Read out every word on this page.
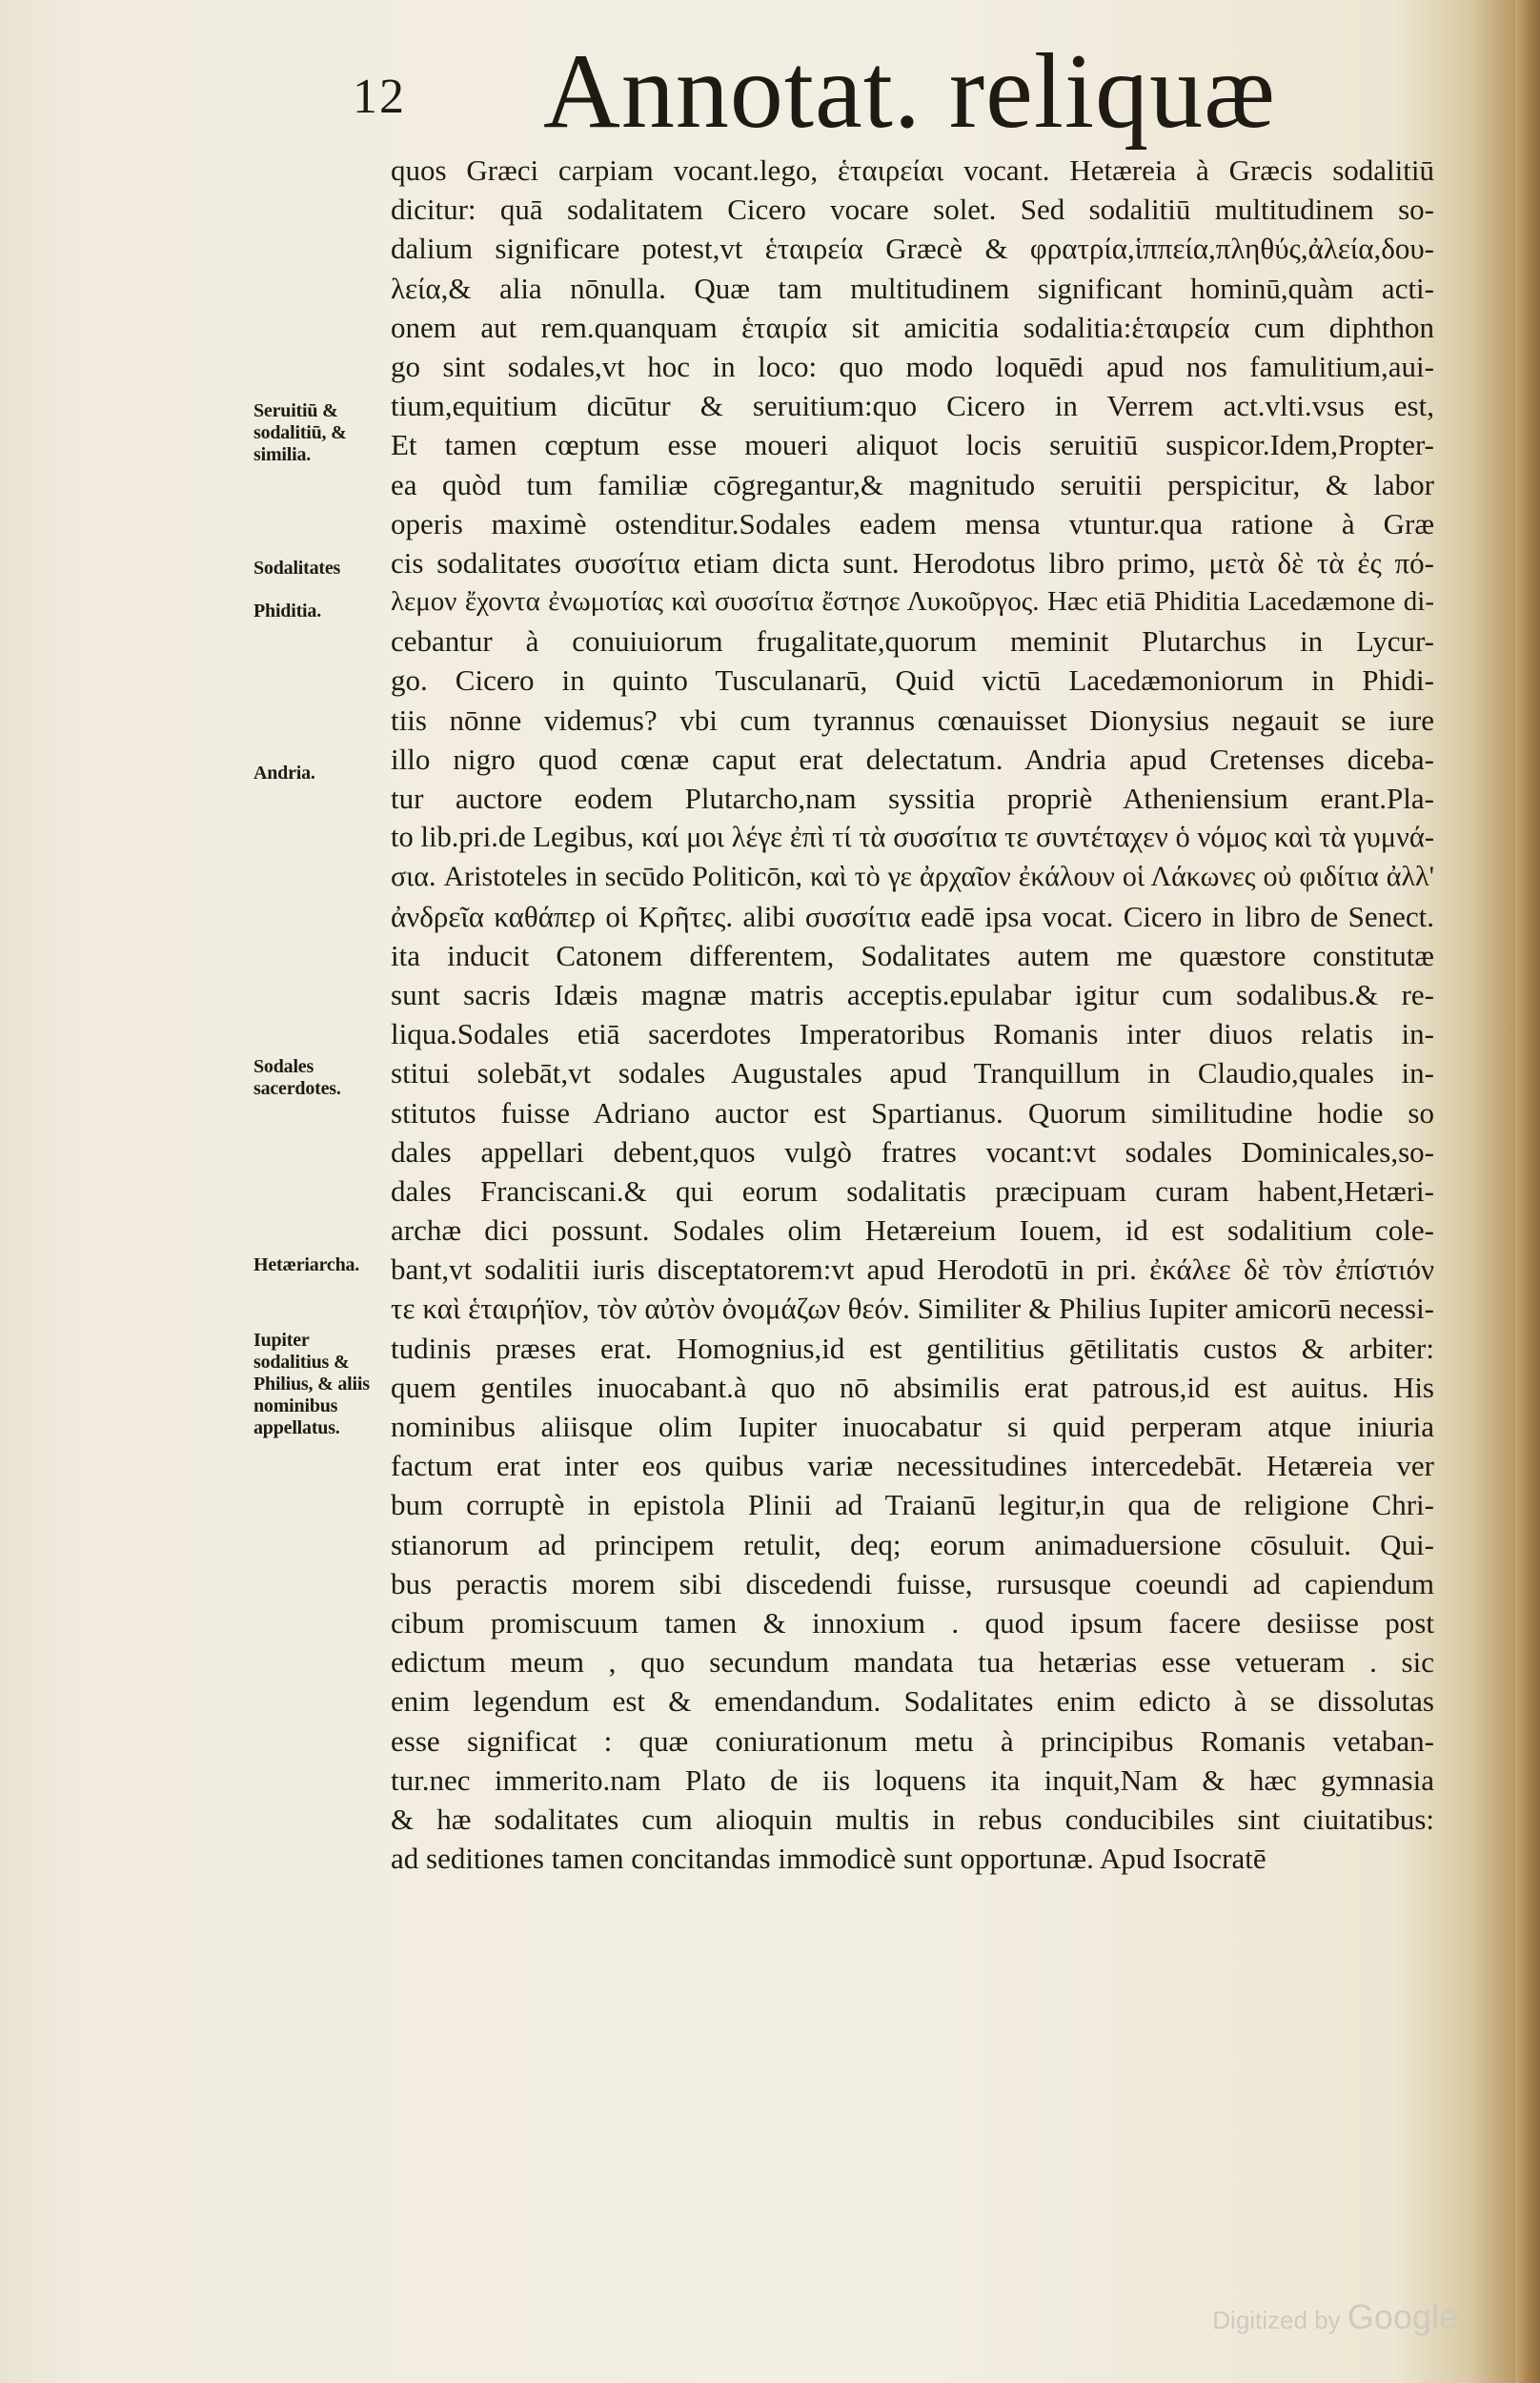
12 Annotat. reliquæ
Seruitiū & sodalitiū, & similia.
Sodalitates
Phiditia.
Andria.
Sodales sacerdotes.
Hetæriarcha.
Iupiter sodalitius & Philius, & aliis nominibus appellatus.
quos Græci carpiam vocant.lego, ἑταιρείαι vocant. Hetæreia à Græcis sodalitiū
dicitur: quā sodalitatem Cicero vocare solet. Sed sodalitiū multitudinem so-
dalium significare potest,vt ἑταιρεία Græcè & φρατρία,ἱππεία,πληθύς,ἀλεία,δου-
λεία,& alia nōnulla. Quæ tam multitudinem significant hominū,quàm acti-
onem aut rem.quanquam ἑταιρία sit amicitia sodalitia:ἑταιρεία cum diphthon
go sint sodales,vt hoc in loco: quo modo loquēdi apud nos famulitium,aui-
tium,equitium dicūtur & seruitium:quo Cicero in Verrem act.vlti.vsus est,
Et tamen cœptum esse moueri aliquot locis seruitiū suspicor.Idem,Propter-
ea quòd tum familiæ cōgregantur,& magnitudo seruitii perspicitur, & labor
operis maximè ostenditur.Sodales eadem mensa vtuntur.qua ratione à Græ
cis sodalitates συσσίτια etiam dicta sunt. Herodotus libro primo, μετὰ δὲ τὰ ἐς πό-
λεμον ἔχοντα ἐνωμοτίας καὶ συσσίτια ἔστησε Λυκοῦργος. Hæc etiā Phiditia Lacedæmone di-
cebantur à conuiuiorum frugalitate,quorum meminit Plutarchus in Lycur-
go. Cicero in quinto Tusculanarū, Quid victū Lacedæmoniorum in Phidi-
tiis nōnne videmus? vbi cum tyrannus cœnauisset Dionysius negauit se iure
illo nigro quod cœnæ caput erat delectatum. Andria apud Cretenses diceba-
tur auctore eodem Plutarcho,nam syssitia propriè Atheniensium erant.Pla-
to lib.pri.de Legibus, καί μοι λέγε ἐπὶ τί τὰ συσσίτια τε συντέταχεν ὁ νόμος καὶ τὰ γυμνά-
σια. Aristoteles in secūdo Politicōn, καὶ τὸ γε ἀρχαῖον ἐκάλουν οἱ Λάκωνες οὐ φιδίτια ἀλλ'
ἀνδρεῖα καθάπερ οἱ Κρῆτες. alibi συσσίτια eadē ipsa vocat. Cicero in libro de Senect.
ita inducit Catonem differentem, Sodalitates autem me quæstore constitutæ
sunt sacris Idæis magnæ matris acceptis.epulabar igitur cum sodalibus.& re-
liqua.Sodales etiā sacerdotes Imperatoribus Romanis inter diuos relatis in-
stitui solebāt,vt sodales Augustales apud Tranquillum in Claudio,quales in-
stitutos fuisse Adriano auctor est Spartianus. Quorum similitudine hodie so
dales appellari debent,quos vulgò fratres vocant:vt sodales Dominicales,so-
dales Franciscani.& qui eorum sodalitatis præcipuam curam habent,Hetæri-
archæ dici possunt. Sodales olim Hetæreium Iouem, id est sodalitium cole-
bant,vt sodalitii iuris disceptatorem:vt apud Herodotū in pri. ἐκάλεε δὲ τὸν ἐπίστιόν
τε καὶ ἑταιρήϊον, τὸν αὐτὸν ὀνομάζων θεόν. Similiter & Philius Iupiter amicorū necessi-
tudinis præses erat. Homognius,id est gentilitius gētilitatis custos & arbiter:
quem gentiles inuocabant.à quo nō absimilis erat patrous,id est auitus. His
nominibus aliisque olim Iupiter inuocabatur si quid perperam atque iniuria
factum erat inter eos quibus variæ necessitudines intercedebāt. Hetæreia ver
bum corruptè in epistola Plinii ad Traianū legitur,in qua de religione Chri-
stianorum ad principem retulit, deq; eorum animaduersione cōsuluit. Qui-
bus peractis morem sibi discedendi fuisse, rursusque coeundi ad capiendum
cibum promiscuum tamen & innoxium . quod ipsum facere desiisse post
edictum meum , quo secundum mandata tua hetærias esse vetueram . sic
enim legendum est & emendandum. Sodalitates enim edicto à se dissolutas
esse significat : quæ coniurationum metu à principibus Romanis vetaban-
tur.nec immerito.nam Plato de iis loquens ita inquit,Nam & hæc gymnasia
& hæ sodalitates cum alioquin multis in rebus conducibiles sint ciuitatibus:
ad seditiones tamen concitandas immodicè sunt opportunæ. Apud Isocratē
Digitized by Google
